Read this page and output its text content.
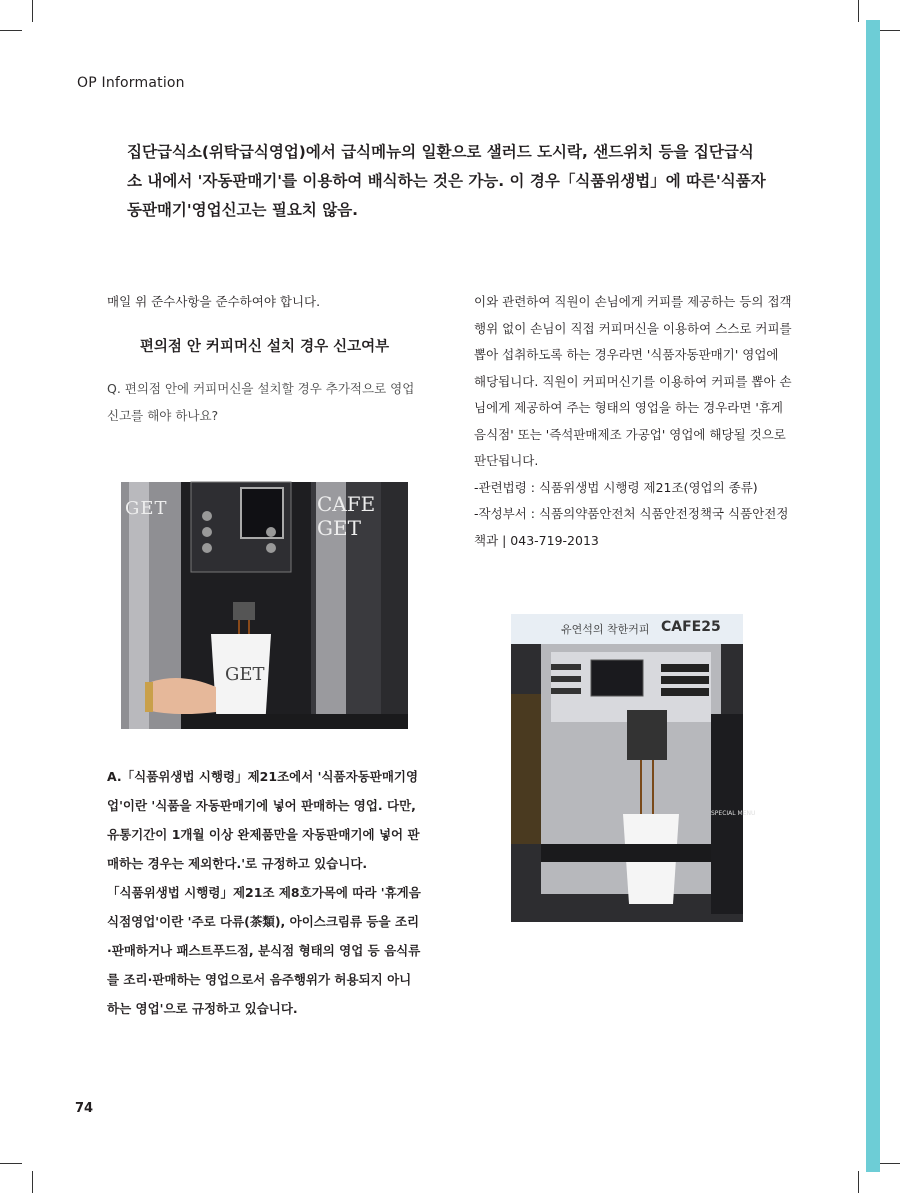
OP Information
집단급식소(위탁급식영업)에서 급식메뉴의 일환으로 샐러드 도시락, 샌드위치 등을 집단급식소 내에서 '자동판매기'를 이용하여 배식하는 것은 가능. 이 경우「식품위생법」에 따른'식품자동판매기'영업신고는 필요치 않음.

매일 위 준수사항을 준수하여야 합니다.

편의점 안 커피머신 설치 경우 신고여부

Q. 편의점 안에 커피머신을 설치할 경우 추가적으로 영업신고를 해야 하나요?

GET	CAFE GET
GET

A.「식품위생법 시행령」제21조에서 '식품자동판매기영업'이란 '식품을 자동판매기에 넣어 판매하는 영업. 다만, 유통기간이 1개월 이상 완제품만을 자동판매기에 넣어 판매하는 경우는 제외한다.'로 규정하고 있습니다.

「식품위생법 시행령」제21조 제8호가목에 따라 '휴게음식점영업'이란 '주로 다류(茶類), 아이스크림류 등을 조리·판매하거나 패스트푸드점, 분식점 형태의 영업 등 음식류를 조리·판매하는 영업으로서 음주행위가 허용되지 아니하는 영업'으로 규정하고 있습니다.

이와 관련하여 직원이 손님에게 커피를 제공하는 등의 접객 행위 없이 손님이 직접 커피머신을 이용하여 스스로 커피를 뽑아 섭취하도록 하는 경우라면 '식품자동판매기' 영업에 해당됩니다. 직원이 커피머신기를 이용하여 커피를 뽑아 손님에게 제공하여 주는 형태의 영업을 하는 경우라면 '휴게음식점' 또는 '즉석판매제조 가공업' 영업에 해당될 것으로 판단됩니다.

-관련법령 : 식품위생법 시행령 제21조(영업의 종류)

-작성부서 : 식품의약품안전처 식품안전정책국 식품안전정책과 | 043-719-2013

유연석의 착한커피 CAFE25
SPECIAL MENU
74
